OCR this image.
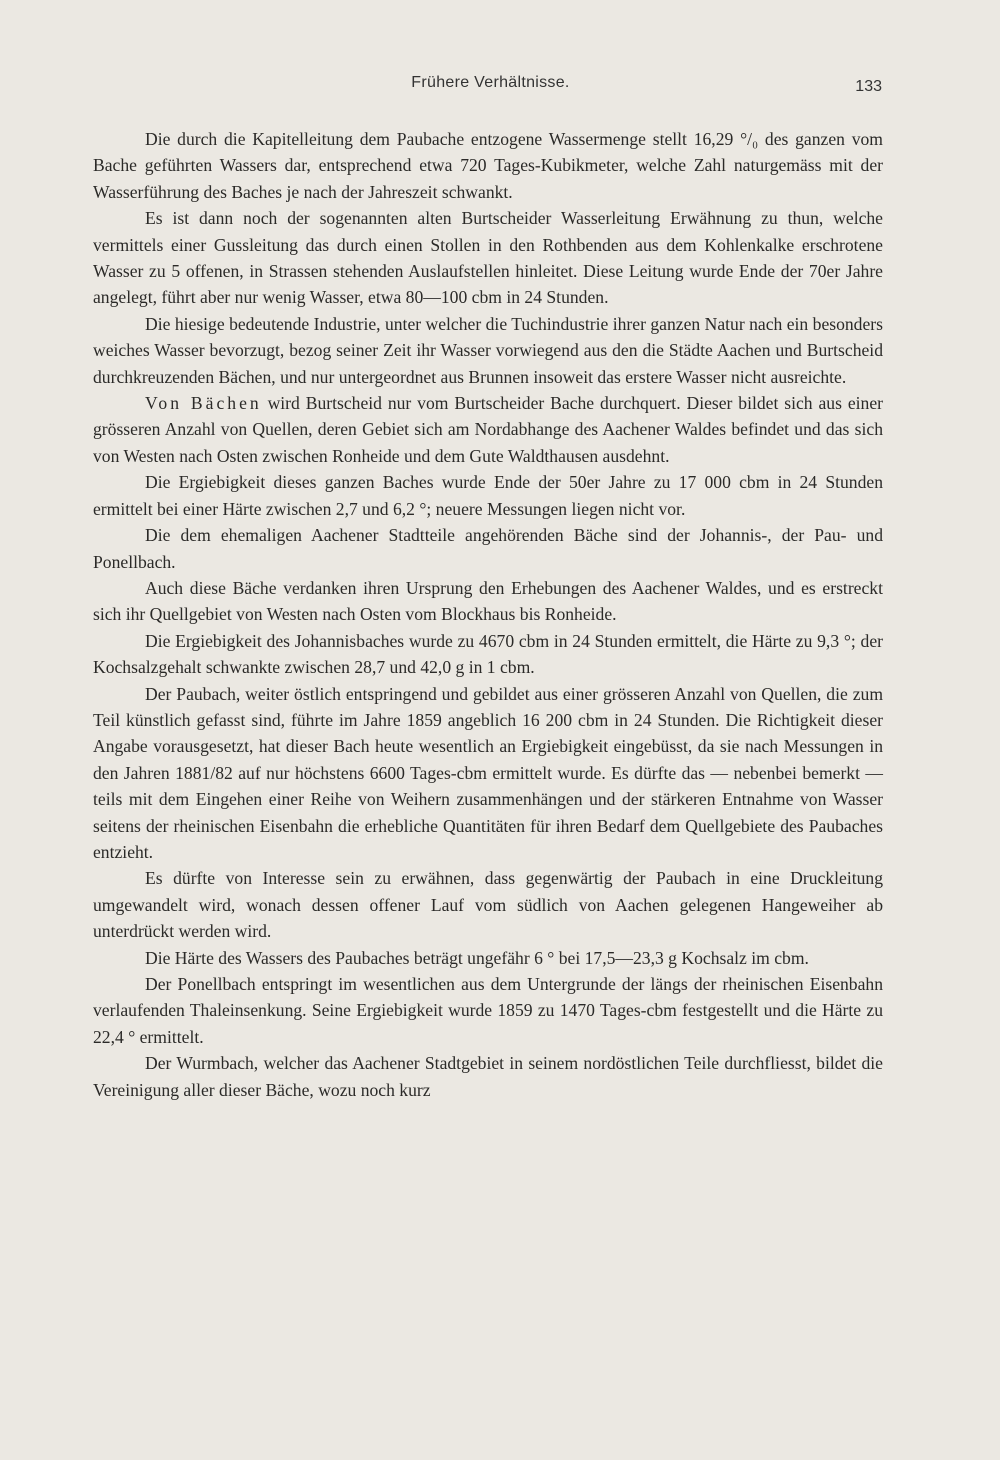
Frühere Verhältnisse.	133

Die durch die Kapitelleitung dem Paubache entzogene Wassermenge stellt 16,29 °/₀ des ganzen vom Bache geführten Wassers dar, entsprechend etwa 720 Tages-Kubikmeter, welche Zahl naturgemäss mit der Wasserführung des Baches je nach der Jahreszeit schwankt.

Es ist dann noch der sogenannten alten Burtscheider Wasserleitung Erwähnung zu thun, welche vermittels einer Gussleitung das durch einen Stollen in den Rothbenden aus dem Kohlenkalke erschrotene Wasser zu 5 offenen, in Strassen stehenden Auslaufstellen hinleitet. Diese Leitung wurde Ende der 70er Jahre angelegt, führt aber nur wenig Wasser, etwa 80—100 cbm in 24 Stunden.

Die hiesige bedeutende Industrie, unter welcher die Tuchindustrie ihrer ganzen Natur nach ein besonders weiches Wasser bevorzugt, bezog seiner Zeit ihr Wasser vorwiegend aus den die Städte Aachen und Burtscheid durchkreuzenden Bächen, und nur untergeordnet aus Brunnen insoweit das erstere Wasser nicht ausreichte.

Von Bächen wird Burtscheid nur vom Burtscheider Bache durchquert. Dieser bildet sich aus einer grösseren Anzahl von Quellen, deren Gebiet sich am Nordabhange des Aachener Waldes befindet und das sich von Westen nach Osten zwischen Ronheide und dem Gute Waldthausen ausdehnt.

Die Ergiebigkeit dieses ganzen Baches wurde Ende der 50er Jahre zu 17 000 cbm in 24 Stunden ermittelt bei einer Härte zwischen 2,7 und 6,2 °; neuere Messungen liegen nicht vor.

Die dem ehemaligen Aachener Stadtteile angehörenden Bäche sind der Johannis-, der Pau- und Ponellbach.

Auch diese Bäche verdanken ihren Ursprung den Erhebungen des Aachener Waldes, und es erstreckt sich ihr Quellgebiet von Westen nach Osten vom Blockhaus bis Ronheide.

Die Ergiebigkeit des Johannisbaches wurde zu 4670 cbm in 24 Stunden ermittelt, die Härte zu 9,3 °; der Kochsalzgehalt schwankte zwischen 28,7 und 42,0 g in 1 cbm.

Der Paubach, weiter östlich entspringend und gebildet aus einer grösseren Anzahl von Quellen, die zum Teil künstlich gefasst sind, führte im Jahre 1859 angeblich 16 200 cbm in 24 Stunden. Die Richtigkeit dieser Angabe vorausgesetzt, hat dieser Bach heute wesentlich an Ergiebigkeit eingebüsst, da sie nach Messungen in den Jahren 1881/82 auf nur höchstens 6600 Tages-cbm ermittelt wurde. Es dürfte das — nebenbei bemerkt — teils mit dem Eingehen einer Reihe von Weihern zusammenhängen und der stärkeren Entnahme von Wasser seitens der rheinischen Eisenbahn die erhebliche Quantitäten für ihren Bedarf dem Quellgebiete des Paubaches entzieht.

Es dürfte von Interesse sein zu erwähnen, dass gegenwärtig der Paubach in eine Druckleitung umgewandelt wird, wonach dessen offener Lauf vom südlich von Aachen gelegenen Hangeweiher ab unterdrückt werden wird.

Die Härte des Wassers des Paubaches beträgt ungefähr 6 ° bei 17,5—23,3 g Kochsalz im cbm.

Der Ponellbach entspringt im wesentlichen aus dem Untergrunde der längs der rheinischen Eisenbahn verlaufenden Thaleinsenkung. Seine Ergiebigkeit wurde 1859 zu 1470 Tages-cbm festgestellt und die Härte zu 22,4 ° ermittelt.

Der Wurmbach, welcher das Aachener Stadtgebiet in seinem nordöstlichen Teile durchfliesst, bildet die Vereinigung aller dieser Bäche, wozu noch kurz
